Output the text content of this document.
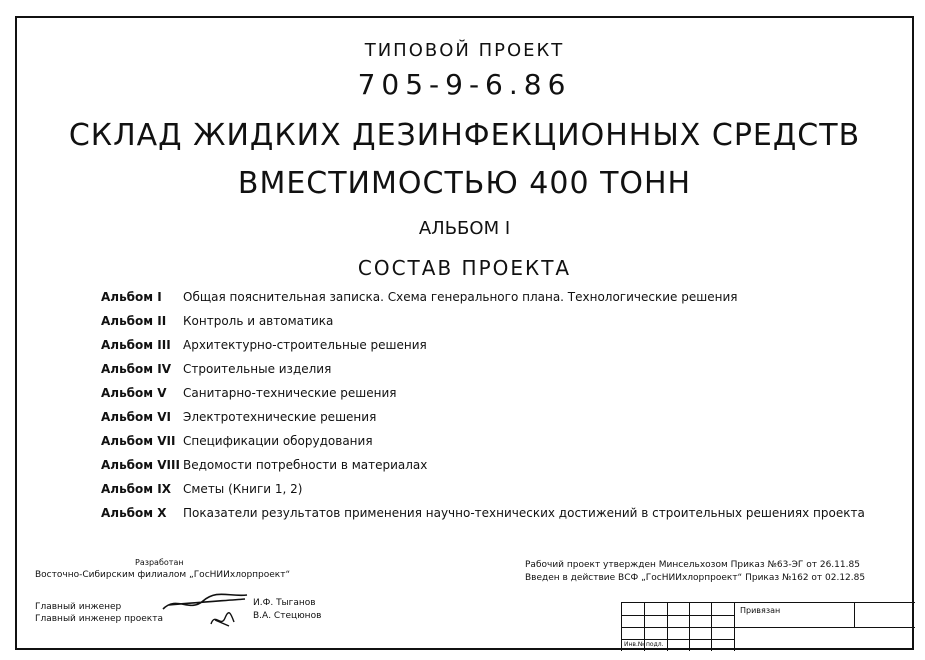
ТИПОВОЙ ПРОЕКТ
705-9-6.86
СКЛАД ЖИДКИХ ДЕЗИНФЕКЦИОННЫХ СРЕДСТВ
ВМЕСТИМОСТЬЮ 400 ТОНН
АЛЬБОМ I
СОСТАВ ПРОЕКТА
Альбом I	Общая пояснительная записка. Схема генерального плана. Технологические решения
Альбом II	Контроль и автоматика
Альбом III	Архитектурно-строительные решения
Альбом IV Строительные изделия
Альбом V	Санитарно-технические решения
Альбом VI Электротехнические решения
Альбом VII Спецификации оборудования
Альбом VIII Ведомости потребности в материалах
Альбом IX	Сметы (Книги 1, 2)
Альбом X	Показатели результатов применения научно-технических достижений в строительных решениях проекта
Разработан
Восточно-Сибирским филиалом „ГосНИИхлорпроект“
Рабочий проект утвержден Минсельхозом Приказ №63-ЭГ от 26.11.85
Введен в действие ВСФ „ГосНИИхлорпроект“ Приказ №162 от 02.12.85
Главный инженер
Главный инженер проекта
И.Ф. Тыганов
В.А. Стецюнов
Привязан
Инв.№ подл.
